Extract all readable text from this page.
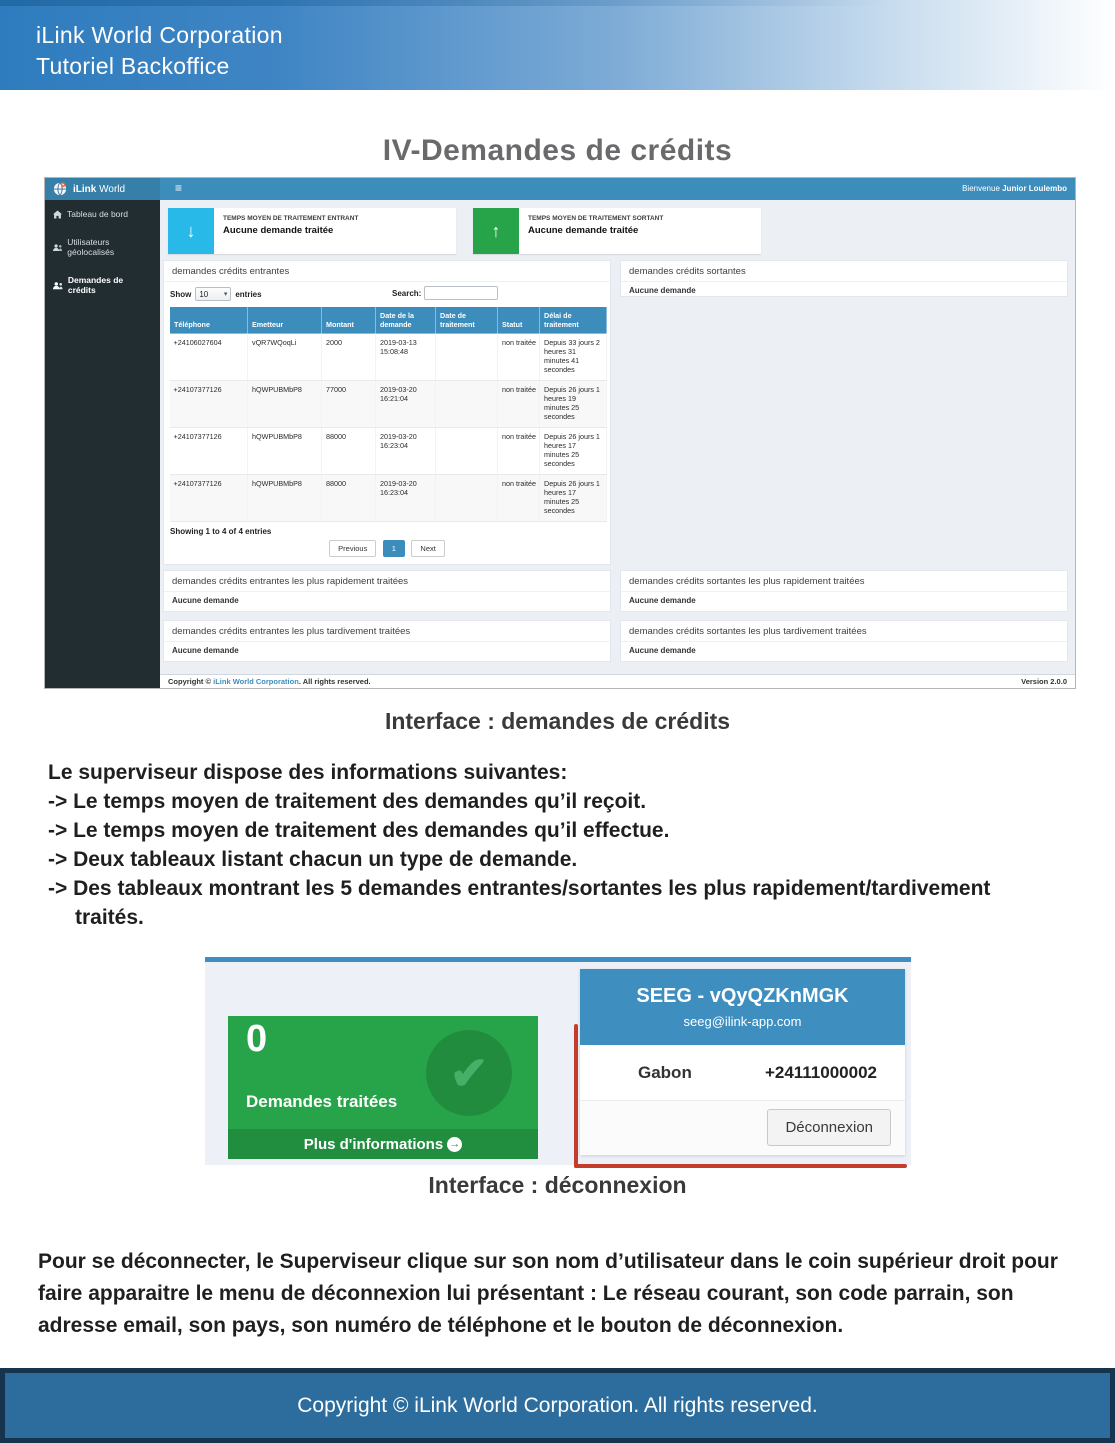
iLink World Corporation
Tutoriel Backoffice
IV-Demandes de crédits
iLink World	≡	Bienvenue Junior Loulembo
Tableau de bord
Utilisateurs géolocalisés
Demandes de crédits
↓
TEMPS MOYEN DE TRAITEMENT ENTRANT
Aucune demande traitée	↑
TEMPS MOYEN DE TRAITEMENT SORTANT
Aucune demande traitée
demandes crédits entrantes
Show 10 ▾ entries	Search:
Téléphone	Emetteur	Montant	Date de la demande	Date de traitement	Statut	Délai de traitement
+24106027604	vQR7WQoqLi	2000	2019-03-13 15:08:48		non traitée	Depuis 33 jours 2 heures 31 minutes 41 secondes
+24107377126	hQWPUBMbP8	77000	2019-03-20 16:21:04		non traitée	Depuis 26 jours 1 heures 19 minutes 25 secondes
+24107377126	hQWPUBMbP8	88000	2019-03-20 16:23:04		non traitée	Depuis 26 jours 1 heures 17 minutes 25 secondes
+24107377126	hQWPUBMbP8	88000	2019-03-20 16:23:04		non traitée	Depuis 26 jours 1 heures 17 minutes 25 secondes
Showing 1 to 4 of 4 entries
Previous	1	Next
demandes crédits sortantes
Aucune demande
demandes crédits entrantes les plus rapidement traitées
Aucune demande
demandes crédits sortantes les plus rapidement traitées
Aucune demande
demandes crédits entrantes les plus tardivement traitées
Aucune demande
demandes crédits sortantes les plus tardivement traitées
Aucune demande
Copyright © iLink World Corporation. All rights reserved.	Version 2.0.0
Interface : demandes de crédits
Le superviseur dispose des informations suivantes:
-> Le temps moyen de traitement des demandes qu’il reçoit.
-> Le temps moyen de traitement des demandes qu’il effectue.
-> Deux tableaux listant chacun un type de demande.
-> Des tableaux montrant les 5 demandes entrantes/sortantes les plus rapidement/tardivement
traités.
0
Demandes traitées
✔
Plus d'informations →
SEEG - vQyQZKnMGK
seeg@ilink-app.com
Gabon	+24111000002
Déconnexion
Interface : déconnexion
Pour se déconnecter, le Superviseur clique sur son nom d’utilisateur dans le coin supérieur droit pour
faire apparaitre le menu de déconnexion lui présentant : Le réseau courant, son code parrain, son
adresse email, son pays, son numéro de téléphone et le bouton de déconnexion.
Copyright © iLink World Corporation. All rights reserved.
